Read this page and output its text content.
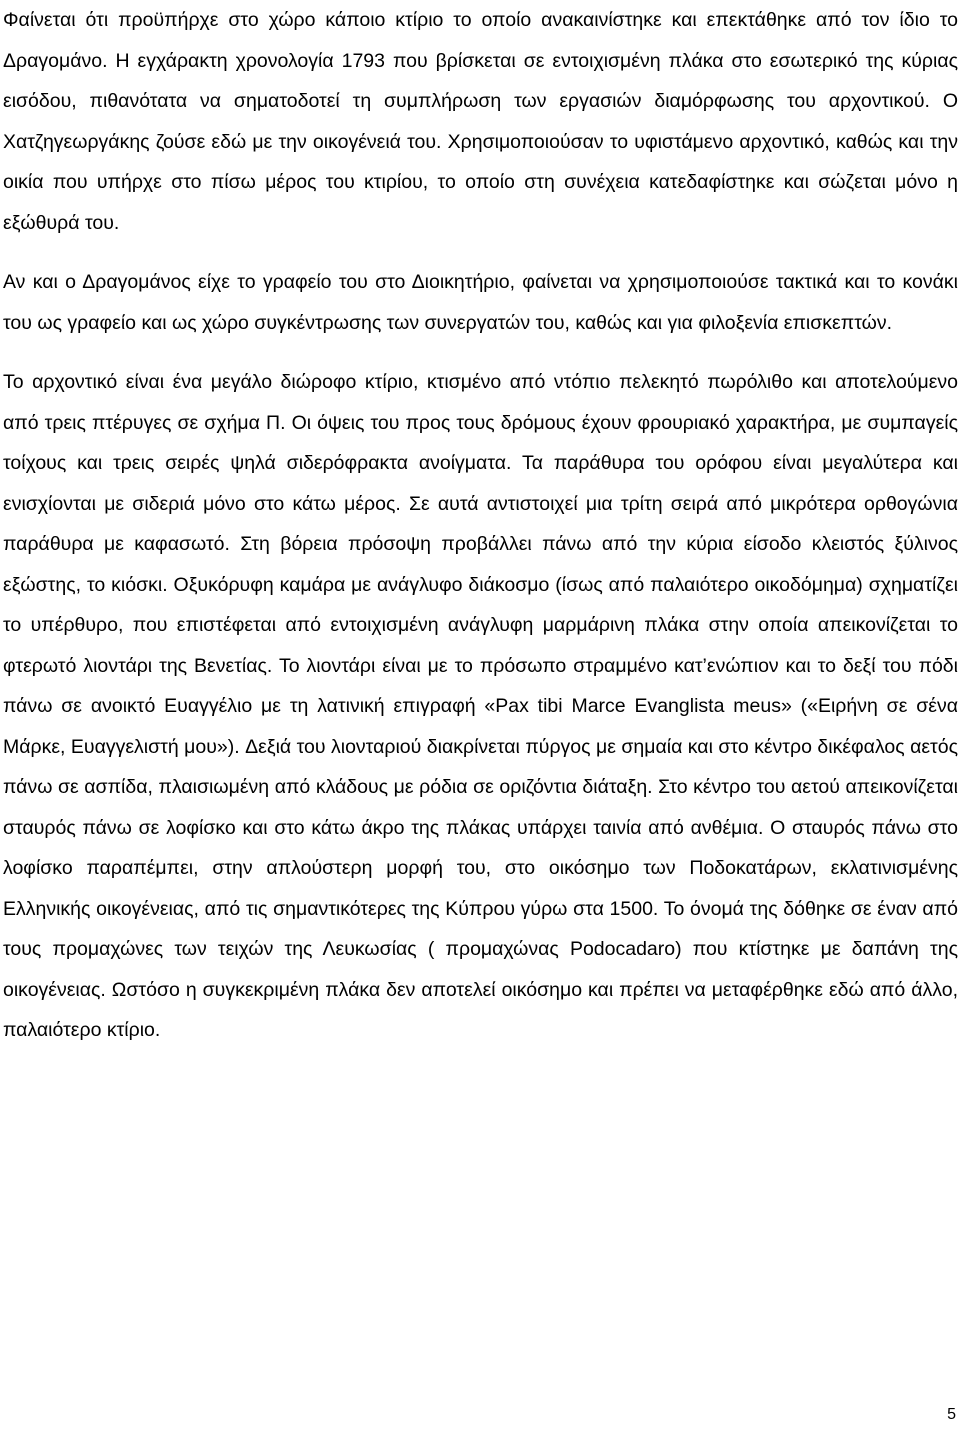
Φαίνεται ότι προϋπήρχε στο χώρο κάποιο κτίριο το οποίο ανακαινίστηκε και επεκτάθηκε από τον ίδιο το Δραγομάνο. Η εγχάρακτη χρονολογία 1793 που βρίσκεται σε εντοιχισμένη πλάκα στο εσωτερικό της κύριας εισόδου, πιθανότατα να σηματοδοτεί τη συμπλήρωση των εργασιών διαμόρφωσης του αρχοντικού. Ο Χατζηγεωργάκης ζούσε εδώ με την οικογένειά του. Χρησιμοποιούσαν το υφιστάμενο αρχοντικό, καθώς και την οικία που υπήρχε στο πίσω μέρος του κτιρίου, το οποίο στη συνέχεια κατεδαφίστηκε και σώζεται μόνο η εξώθυρά του.

Αν και ο Δραγομάνος είχε το γραφείο του στο Διοικητήριο, φαίνεται να χρησιμοποιούσε τακτικά και το κονάκι του ως γραφείο και ως χώρο συγκέντρωσης των συνεργατών του, καθώς και για φιλοξενία επισκεπτών.

Το αρχοντικό είναι ένα μεγάλο διώροφο κτίριο, κτισμένο από ντόπιο πελεκητό πωρόλιθο και αποτελούμενο από τρεις πτέρυγες σε σχήμα Π. Οι όψεις του προς τους δρόμους έχουν φρουριακό χαρακτήρα, με συμπαγείς τοίχους και τρεις σειρές ψηλά σιδερόφρακτα ανοίγματα. Τα παράθυρα του ορόφου είναι μεγαλύτερα και ενισχίονται με σιδεριά μόνο στο κάτω μέρος. Σε αυτά αντιστοιχεί μια τρίτη σειρά από μικρότερα ορθογώνια παράθυρα με καφασωτό. Στη βόρεια πρόσοψη προβάλλει πάνω από την κύρια είσοδο κλειστός ξύλινος εξώστης, το κιόσκι. Οξυκόρυφη καμάρα με ανάγλυφο διάκοσμο (ίσως από παλαιότερο οικοδόμημα) σχηματίζει το υπέρθυρο, που επιστέφεται από εντοιχισμένη ανάγλυφη μαρμάρινη πλάκα στην οποία απεικονίζεται το φτερωτό λιοντάρι της Βενετίας. Το λιοντάρι είναι με το πρόσωπο στραμμένο κατ’ενώπιον και το δεξί του πόδι πάνω σε ανοικτό Ευαγγέλιο με τη λατινική επιγραφή «Pax tibi Marce Evanglista meus» («Ειρήνη σε σένα Μάρκε, Ευαγγελιστή μου»). Δεξιά του λιονταριού διακρίνεται πύργος με σημαία και στο κέντρο δικέφαλος αετός πάνω σε ασπίδα, πλαισιωμένη από κλάδους με ρόδια σε οριζόντια διάταξη. Στο κέντρο του αετού απεικονίζεται σταυρός πάνω σε λοφίσκο και στο κάτω άκρο της πλάκας υπάρχει ταινία από ανθέμια. Ο σταυρός πάνω στο λοφίσκο παραπέμπει, στην απλούστερη μορφή του, στο οικόσημο των Ποδοκατάρων, εκλατινισμένης Ελληνικής οικογένειας, από τις σημαντικότερες της Κύπρου γύρω στα 1500. Το όνομά της δόθηκε σε έναν από τους προμαχώνες των τειχών της Λευκωσίας ( προμαχώνας Podocadaro) που κτίστηκε με δαπάνη της οικογένειας. Ωστόσο η συγκεκριμένη πλάκα δεν αποτελεί οικόσημο και πρέπει να μεταφέρθηκε εδώ από άλλο, παλαιότερο κτίριο.

5
